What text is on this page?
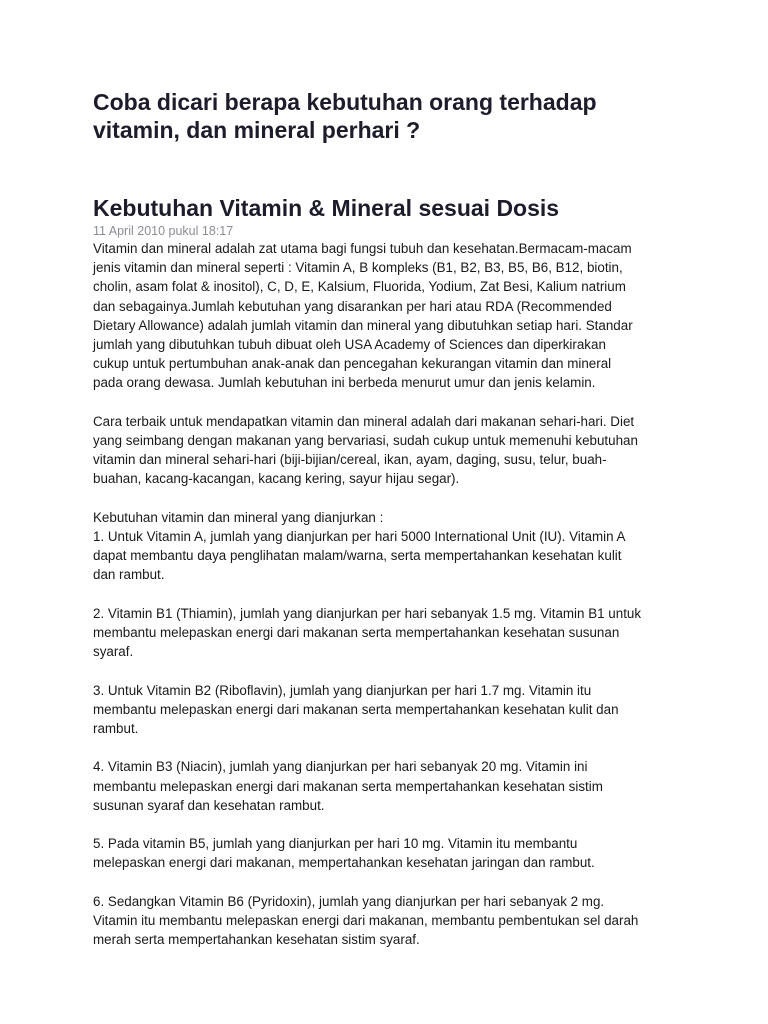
Coba dicari berapa kebutuhan orang terhadap
vitamin, dan mineral perhari ?
Kebutuhan Vitamin & Mineral sesuai Dosis
11 April 2010 pukul 18:17

Vitamin dan mineral adalah zat utama bagi fungsi tubuh dan kesehatan.Bermacam-macam
jenis vitamin dan mineral seperti : Vitamin A, B kompleks (B1, B2, B3, B5, B6, B12, biotin,
cholin, asam folat & inositol), C, D, E, Kalsium, Fluorida, Yodium, Zat Besi, Kalium natrium
dan sebagainya.Jumlah kebutuhan yang disarankan per hari atau RDA (Recommended
Dietary Allowance) adalah jumlah vitamin dan mineral yang dibutuhkan setiap hari. Standar
jumlah yang dibutuhkan tubuh dibuat oleh USA Academy of Sciences dan diperkirakan
cukup untuk pertumbuhan anak-anak dan pencegahan kekurangan vitamin dan mineral
pada orang dewasa. Jumlah kebutuhan ini berbeda menurut umur dan jenis kelamin.

Cara terbaik untuk mendapatkan vitamin dan mineral adalah dari makanan sehari-hari. Diet
yang seimbang dengan makanan yang bervariasi, sudah cukup untuk memenuhi kebutuhan
vitamin dan mineral sehari-hari (biji-bijian/cereal, ikan, ayam, daging, susu, telur, buah-
buahan, kacang-kacangan, kacang kering, sayur hijau segar).

Kebutuhan vitamin dan mineral yang dianjurkan :
1. Untuk Vitamin A, jumlah yang dianjurkan per hari 5000 International Unit (IU). Vitamin A
dapat membantu daya penglihatan malam/warna, serta mempertahankan kesehatan kulit
dan rambut.

2. Vitamin B1 (Thiamin), jumlah yang dianjurkan per hari sebanyak 1.5 mg. Vitamin B1 untuk
membantu melepaskan energi dari makanan serta mempertahankan kesehatan susunan
syaraf.

3. Untuk Vitamin B2 (Riboflavin), jumlah yang dianjurkan per hari 1.7 mg. Vitamin itu
membantu melepaskan energi dari makanan serta mempertahankan kesehatan kulit dan
rambut.

4. Vitamin B3 (Niacin), jumlah yang dianjurkan per hari sebanyak 20 mg. Vitamin ini
membantu melepaskan energi dari makanan serta mempertahankan kesehatan sistim
susunan syaraf dan kesehatan rambut.

5. Pada vitamin B5, jumlah yang dianjurkan per hari 10 mg. Vitamin itu membantu
melepaskan energi dari makanan, mempertahankan kesehatan jaringan dan rambut.

6. Sedangkan Vitamin B6 (Pyridoxin), jumlah yang dianjurkan per hari sebanyak 2 mg.
Vitamin itu membantu melepaskan energi dari makanan, membantu pembentukan sel darah
merah serta mempertahankan kesehatan sistim syaraf.
